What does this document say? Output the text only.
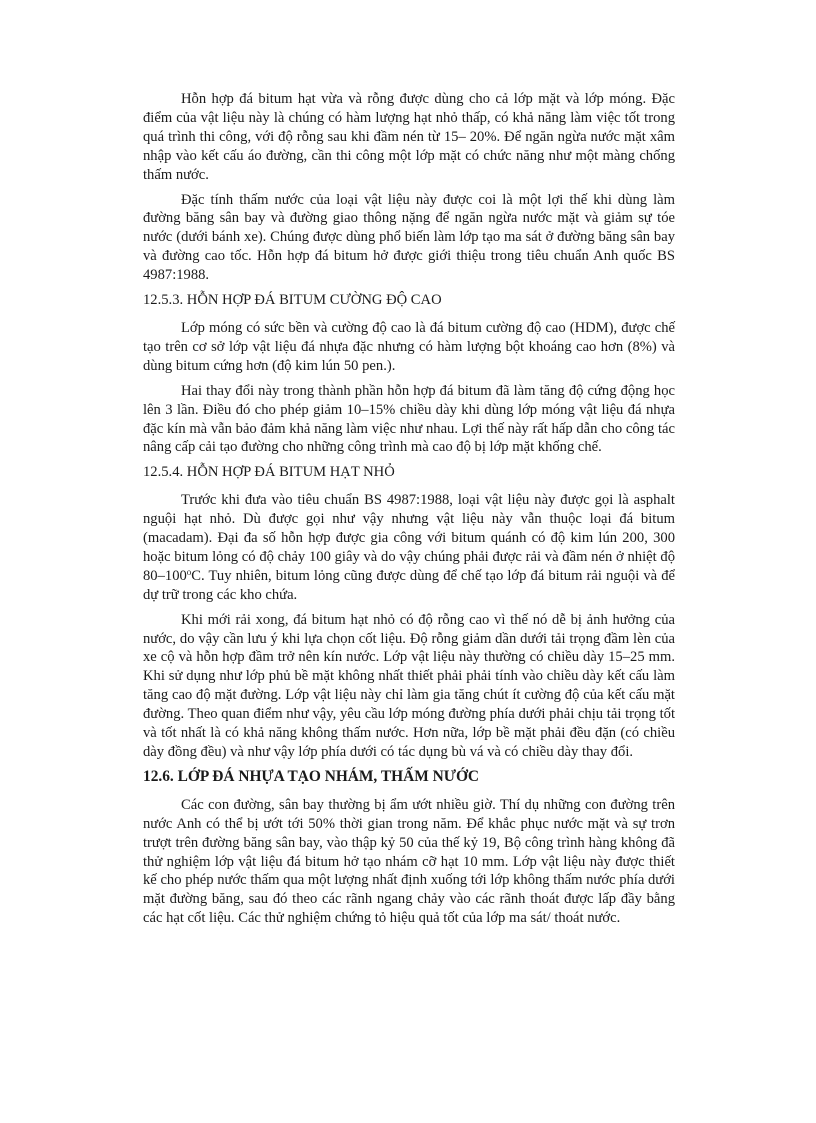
Hỗn hợp đá bitum hạt vừa và rỗng được dùng cho cả lớp mặt và lớp móng. Đặc điểm của vật liệu này là chúng có hàm lượng hạt nhỏ thấp, có khả năng làm việc tốt trong quá trình thi công, với độ rỗng sau khi đầm nén từ 15– 20%. Để ngăn ngừa nước mặt xâm nhập vào kết cấu áo đường, cần thi công một lớp mặt có chức năng như một màng chống thấm nước.

Đặc tính thấm nước của loại vật liệu này được coi là một lợi thế khi dùng làm đường băng sân bay và đường giao thông nặng để ngăn ngừa nước mặt và giảm sự tóe nước (dưới bánh xe). Chúng được dùng phổ biến làm lớp tạo ma sát ở đường băng sân bay và đường cao tốc. Hỗn hợp đá bitum hở được giới thiệu trong tiêu chuẩn Anh quốc BS 4987:1988.

12.5.3. HỖN HỢP ĐÁ BITUM CƯỜNG ĐỘ CAO

Lớp móng có sức bền và cường độ cao là đá bitum cường độ cao (HDM), được chế tạo trên cơ sở lớp vật liệu đá nhựa đặc nhưng có hàm lượng bột khoáng cao hơn (8%) và dùng bitum cứng hơn (độ kim lún 50 pen.).

Hai thay đổi này trong thành phần hỗn hợp đá bitum đã làm tăng độ cứng động học lên 3 lần. Điều đó cho phép giảm 10–15% chiều dày khi dùng lớp móng vật liệu đá nhựa đặc kín mà vẫn bảo đảm khả năng làm việc như nhau. Lợi thế này rất hấp dẫn cho công tác nâng cấp cải tạo đường cho những công trình mà cao độ bị lớp mặt khống chế.

12.5.4. HỖN HỢP ĐÁ BITUM HẠT NHỎ

Trước khi đưa vào tiêu chuẩn BS 4987:1988, loại vật liệu này được gọi là asphalt nguội hạt nhỏ. Dù được gọi như vậy nhưng vật liệu này vẫn thuộc loại đá bitum (macadam). Đại đa số hỗn hợp được gia công với bitum quánh có độ kim lún 200, 300 hoặc bitum lỏng có độ chảy 100 giây và do vậy chúng phải được rải và đầm nén ở nhiệt độ 80–100$^o$C. Tuy nhiên, bitum lỏng cũng được dùng để chế tạo lớp đá bitum rải nguội và để dự trữ trong các kho chứa.

Khi mới rải xong, đá bitum hạt nhỏ có độ rỗng cao vì thế nó dễ bị ảnh hưởng của nước, do vậy cần lưu ý khi lựa chọn cốt liệu. Độ rỗng giảm dần dưới tải trọng đầm lèn của xe cộ và hỗn hợp đầm trở nên kín nước. Lớp vật liệu này thường có chiều dày 15–25 mm. Khi sử dụng như lớp phủ bề mặt không nhất thiết phải phải tính vào chiều dày kết cấu làm tăng cao độ mặt đường. Lớp vật liệu này chỉ làm gia tăng chút ít cường độ của kết cấu mặt đường. Theo quan điểm như vậy, yêu cầu lớp móng đường phía dưới phải chịu tải trọng tốt và tốt nhất là có khả năng không thấm nước. Hơn nữa, lớp bề mặt phải đều đặn (có chiều dày đồng đều) và như vậy lớp phía dưới có tác dụng bù vá và có chiều dày thay đổi.

12.6. LỚP ĐÁ NHỰA TẠO NHÁM, THẤM NƯỚC

Các con đường, sân bay thường bị ẩm ướt nhiều giờ. Thí dụ những con đường trên nước Anh có thể bị ướt tới 50% thời gian trong năm. Để khắc phục nước mặt và sự trơn trượt trên đường băng sân bay, vào thập kỷ 50 của thế kỷ 19, Bộ công trình hàng không đã thử nghiệm lớp vật liệu đá bitum hở tạo nhám cỡ hạt 10 mm. Lớp vật liệu này được thiết kế cho phép nước thấm qua một lượng nhất định xuống tới lớp không thấm nước phía dưới mặt đường băng, sau đó theo các rãnh ngang chảy vào các rãnh thoát được lấp đầy bằng các hạt cốt liệu. Các thử nghiệm chứng tỏ hiệu quả tốt của lớp ma sát/ thoát nước.
